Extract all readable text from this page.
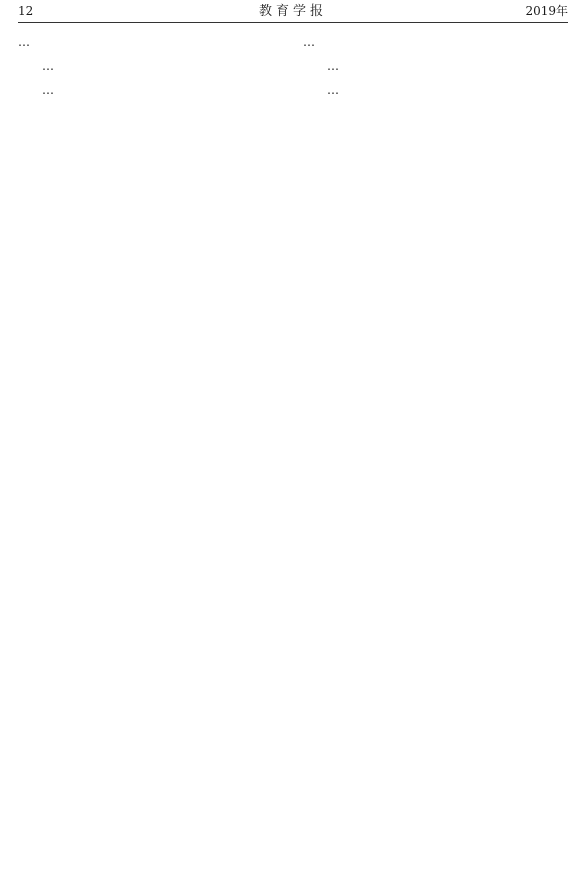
12	教育学报	2019年

…

…

…

…

…

…
